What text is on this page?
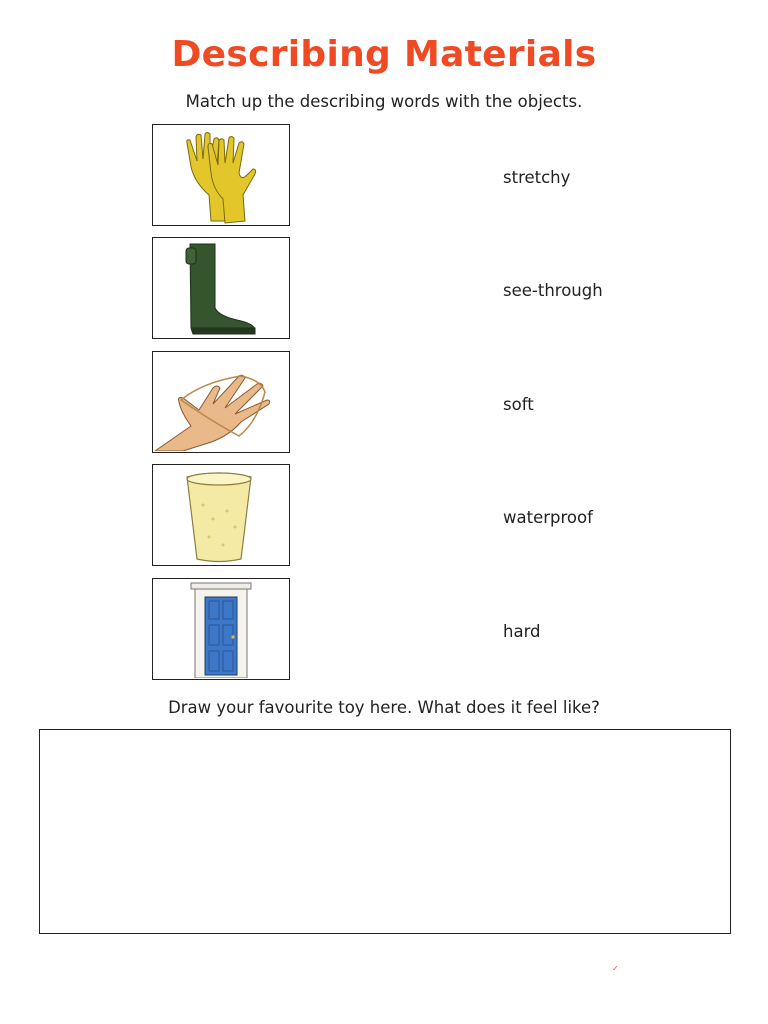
Describing Materials
Match up the describing words with the objects.
stretchy
see-through
soft
waterproof
hard
Draw your favourite toy here. What does it feel like?
✓
